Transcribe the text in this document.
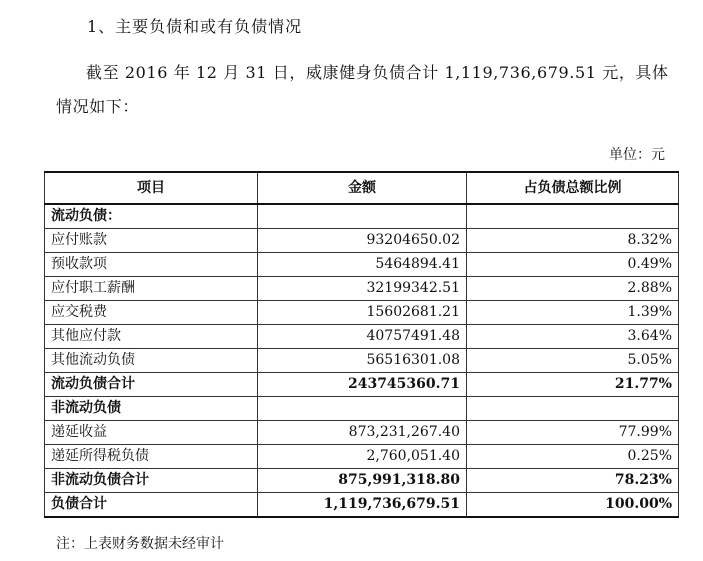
1、主要负债和或有负债情况
截至 2016 年 12 月 31 日，威康健身负债合计 1,119,736,679.51 元，具体情况如下：
单位：元
项目	金额	占负债总额比例
流动负债：		
应付账款	93204650.02	8.32%
预收款项	5464894.41	0.49%
应付职工薪酬	32199342.51	2.88%
应交税费	15602681.21	1.39%
其他应付款	40757491.48	3.64%
其他流动负债	56516301.08	5.05%
流动负债合计	243745360.71	21.77%
非流动负债		
递延收益	873,231,267.40	77.99%
递延所得税负债	2,760,051.40	0.25%
非流动负债合计	875,991,318.80	78.23%
负债合计	1,119,736,679.51	100.00%
注：上表财务数据未经审计
